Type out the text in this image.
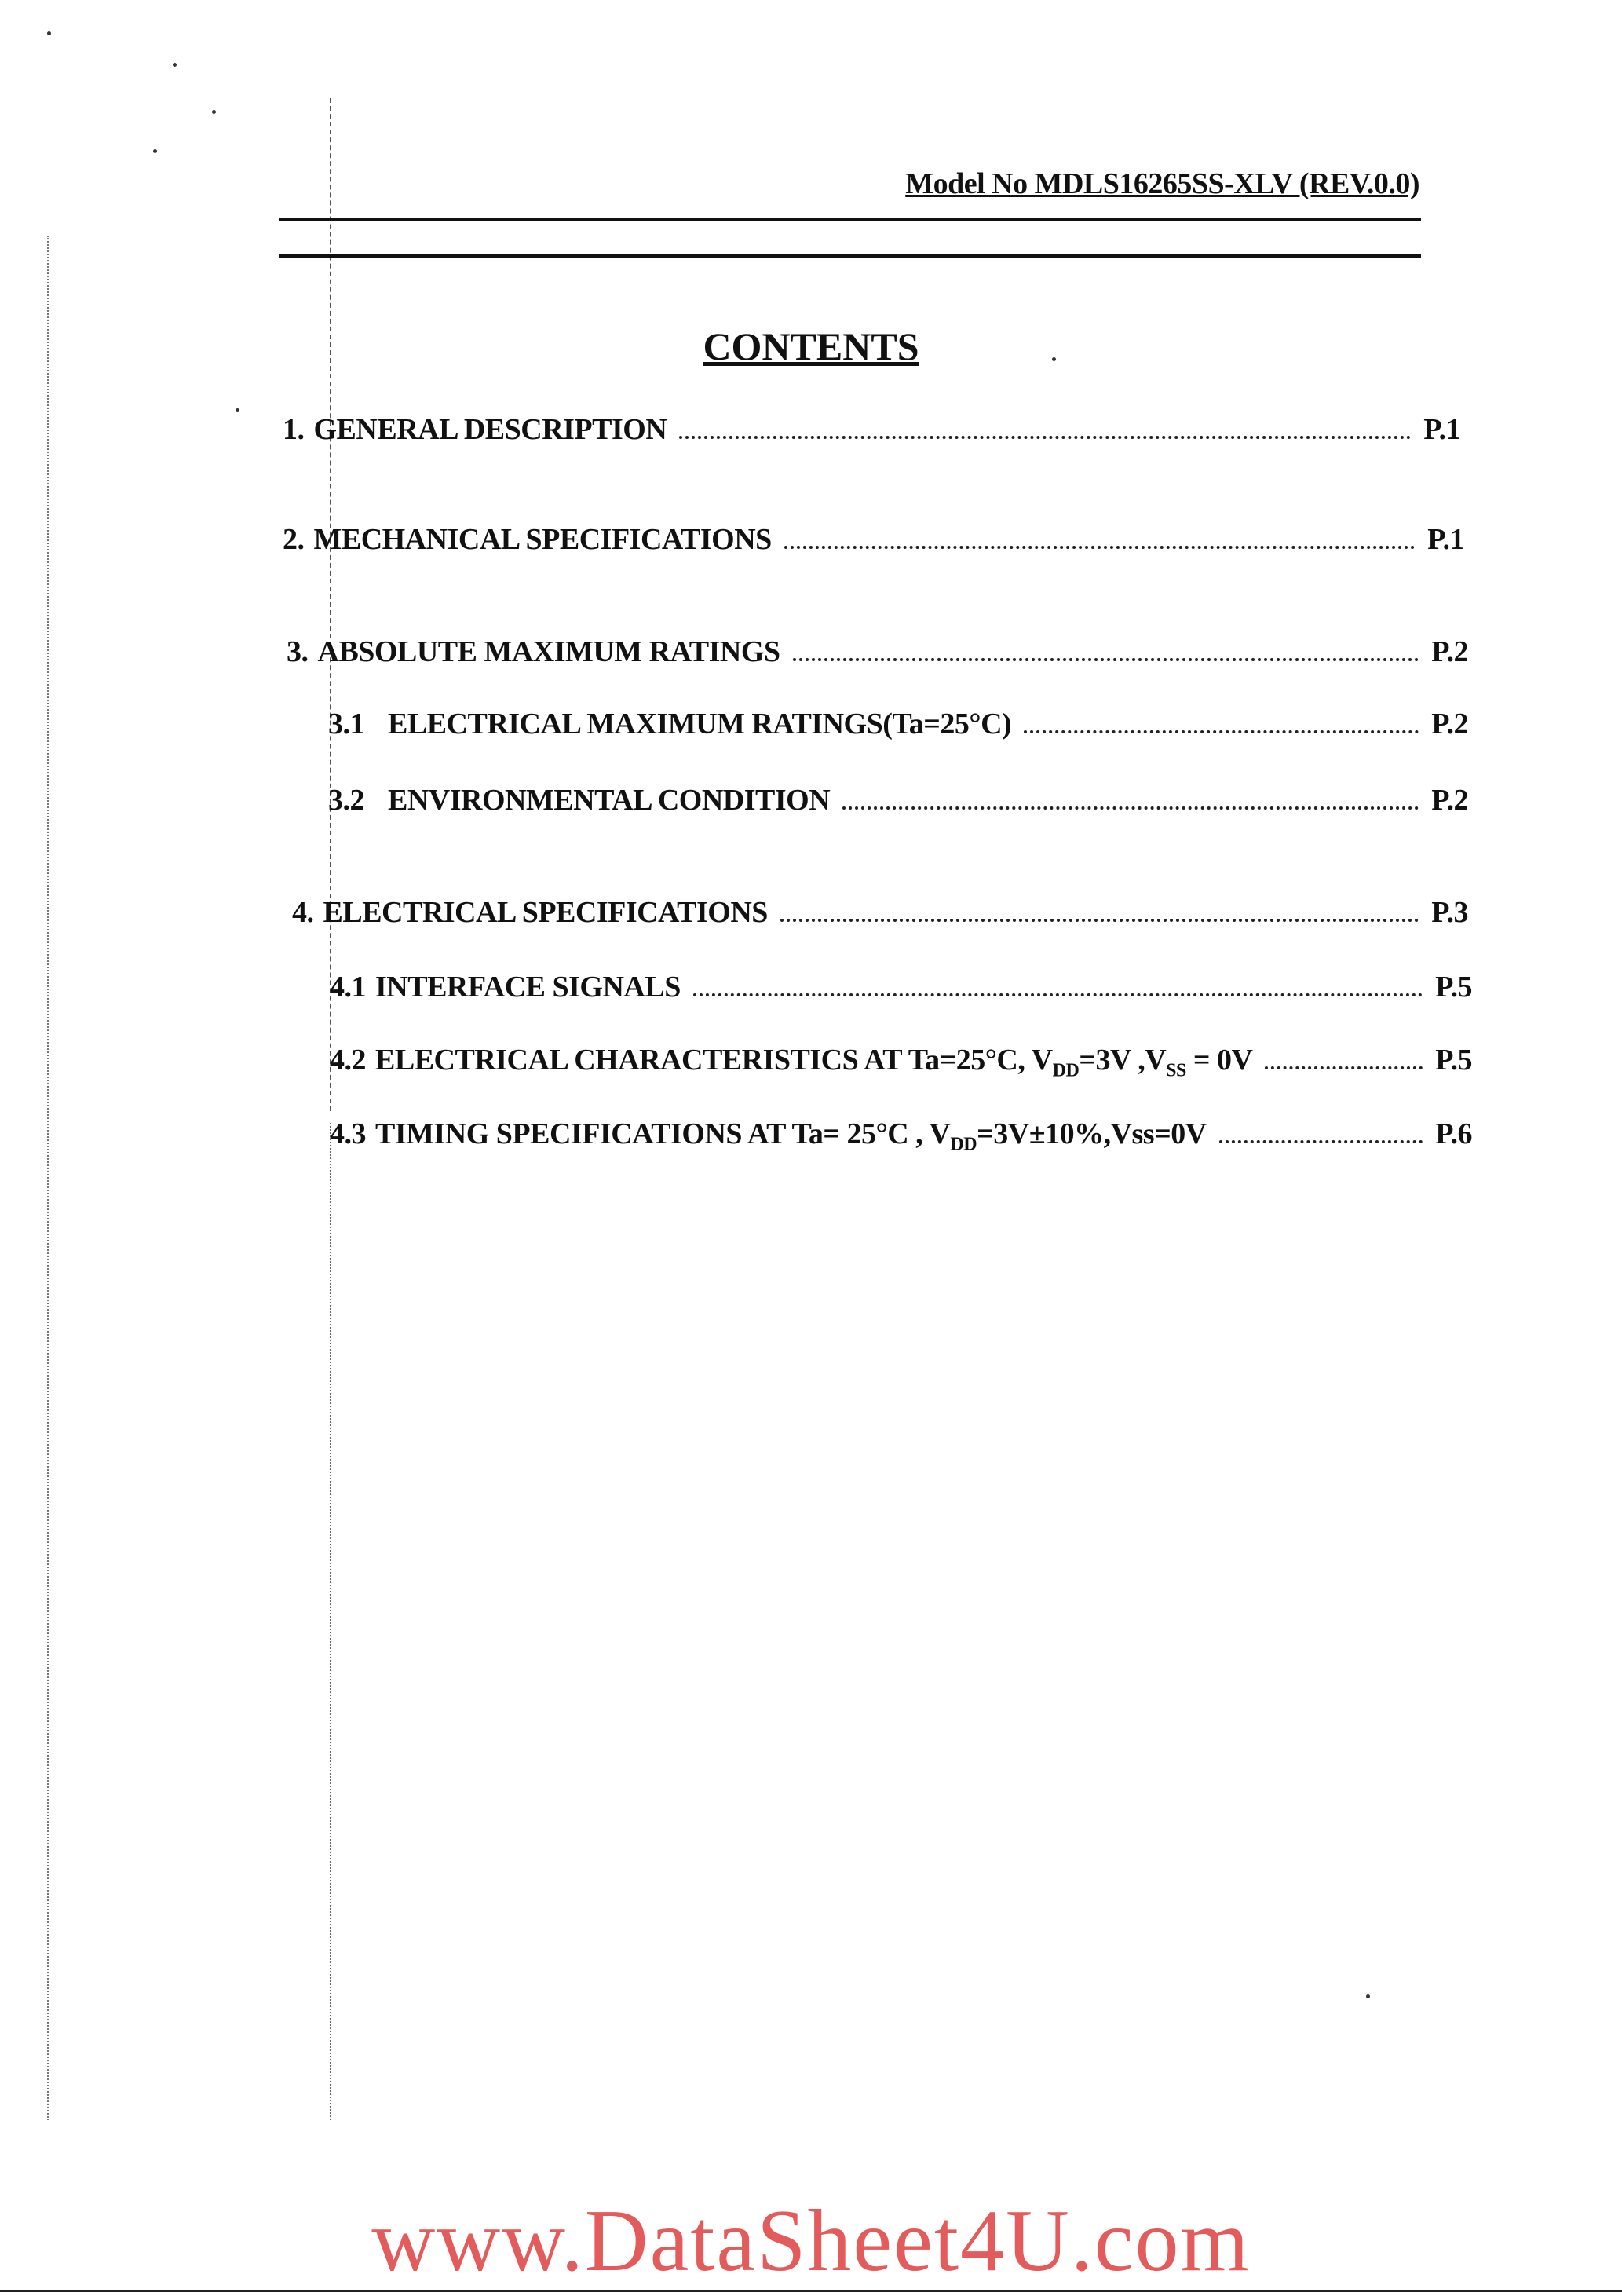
Model No MDLS16265SS-XLV (REV.0.0)
CONTENTS
1. GENERAL DESCRIPTION	P.1
2. MECHANICAL SPECIFICATIONS	P.1
3. ABSOLUTE MAXIMUM RATINGS	P.2
3.1 ELECTRICAL MAXIMUM RATINGS(Ta=25°C)	P.2
3.2 ENVIRONMENTAL CONDITION	P.2
4. ELECTRICAL SPECIFICATIONS	P.3
4.1 INTERFACE SIGNALS	P.5
4.2 ELECTRICAL CHARACTERISTICS AT Ta=25°C, $V_{DD}=3V$ $,V_{SS} = 0V$	P.5
4.3 TIMING SPECIFICATIONS AT Ta= 25°C , $V_{DD}=3V\pm 10\%,Vss=0V$	P.6
www.DataSheet4U.com
